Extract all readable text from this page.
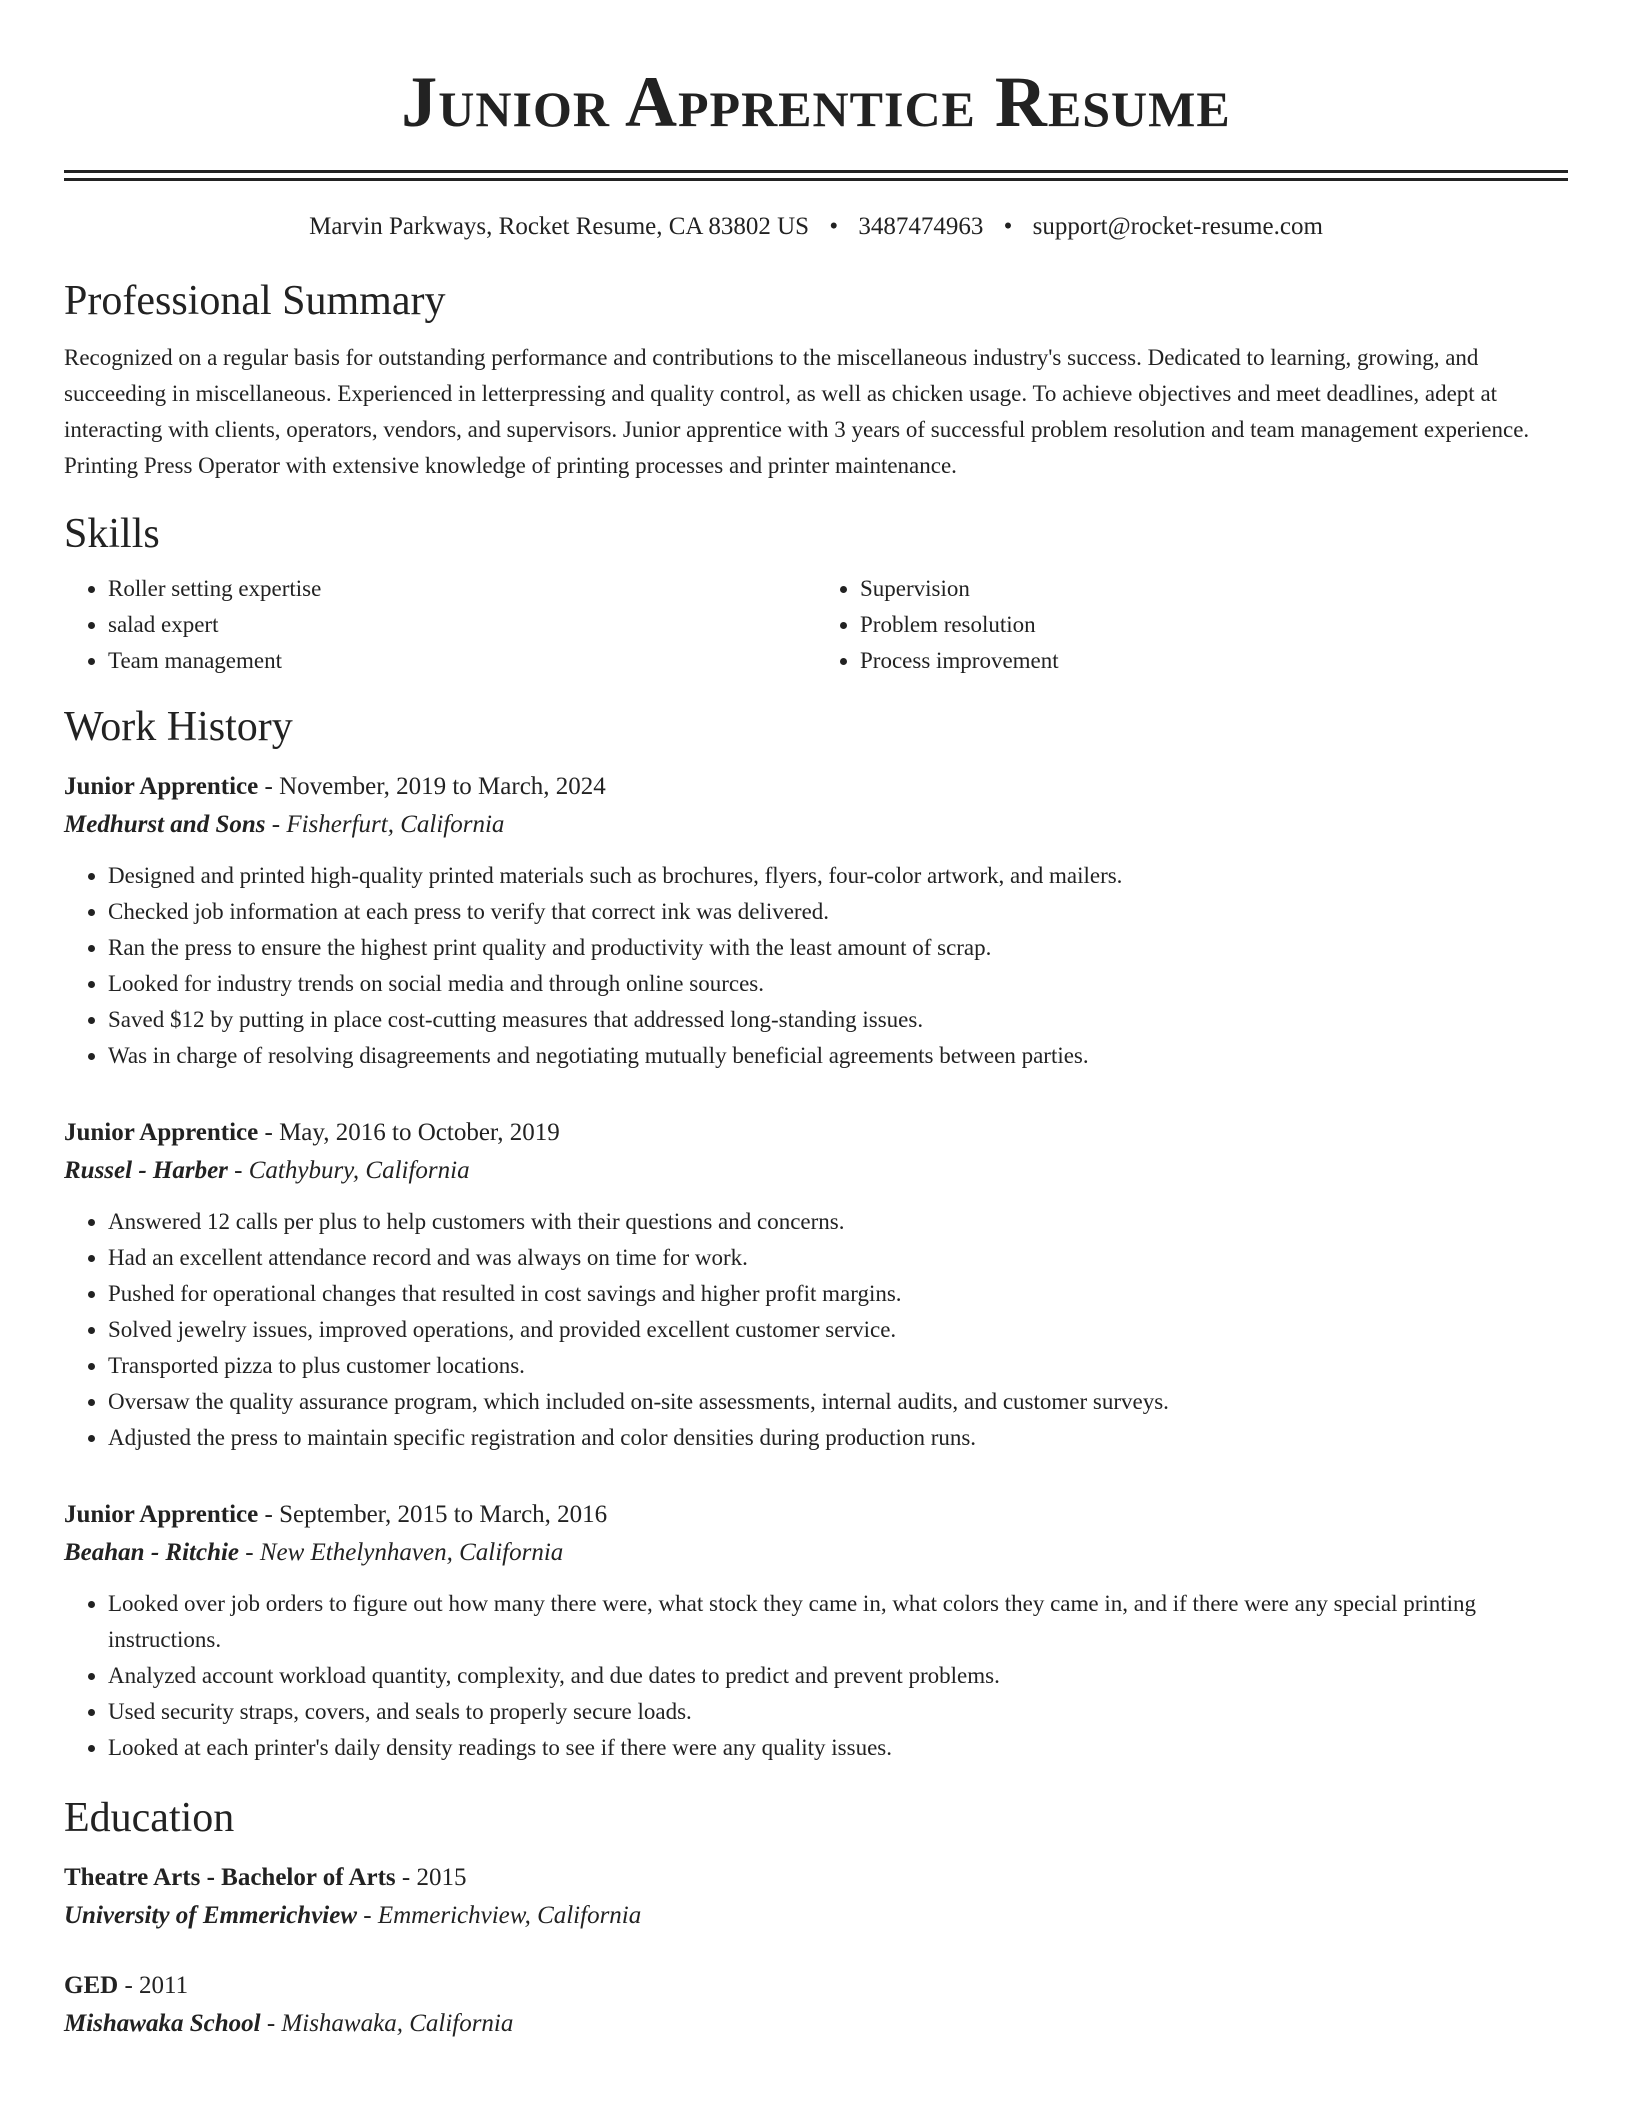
Junior Apprentice Resume
Marvin Parkways, Rocket Resume, CA 83802 US • 3487474963 • support@rocket-resume.com
Professional Summary

Recognized on a regular basis for outstanding performance and contributions to the miscellaneous industry's success. Dedicated to learning, growing, and succeeding in miscellaneous. Experienced in letterpressing and quality control, as well as chicken usage. To achieve objectives and meet deadlines, adept at interacting with clients, operators, vendors, and supervisors. Junior apprentice with 3 years of successful problem resolution and team management experience. Printing Press Operator with extensive knowledge of printing processes and printer maintenance.

Skills
• Roller setting expertise
• salad expert
• Team management
• Supervision
• Problem resolution
• Process improvement
Work History
Junior Apprentice - November, 2019 to March, 2024
Medhurst and Sons - Fisherfurt, California
• Designed and printed high-quality printed materials such as brochures, flyers, four-color artwork, and mailers.
• Checked job information at each press to verify that correct ink was delivered.
• Ran the press to ensure the highest print quality and productivity with the least amount of scrap.
• Looked for industry trends on social media and through online sources.
• Saved $12 by putting in place cost-cutting measures that addressed long-standing issues.
• Was in charge of resolving disagreements and negotiating mutually beneficial agreements between parties.
Junior Apprentice - May, 2016 to October, 2019
Russel - Harber - Cathybury, California
• Answered 12 calls per plus to help customers with their questions and concerns.
• Had an excellent attendance record and was always on time for work.
• Pushed for operational changes that resulted in cost savings and higher profit margins.
• Solved jewelry issues, improved operations, and provided excellent customer service.
• Transported pizza to plus customer locations.
• Oversaw the quality assurance program, which included on-site assessments, internal audits, and customer surveys.
• Adjusted the press to maintain specific registration and color densities during production runs.
Junior Apprentice - September, 2015 to March, 2016
Beahan - Ritchie - New Ethelynhaven, California
• Looked over job orders to figure out how many there were, what stock they came in, what colors they came in, and if there were any special printing instructions.
• Analyzed account workload quantity, complexity, and due dates to predict and prevent problems.
• Used security straps, covers, and seals to properly secure loads.
• Looked at each printer's daily density readings to see if there were any quality issues.
Education
Theatre Arts - Bachelor of Arts - 2015
University of Emmerichview - Emmerichview, California
GED - 2011
Mishawaka School - Mishawaka, California
